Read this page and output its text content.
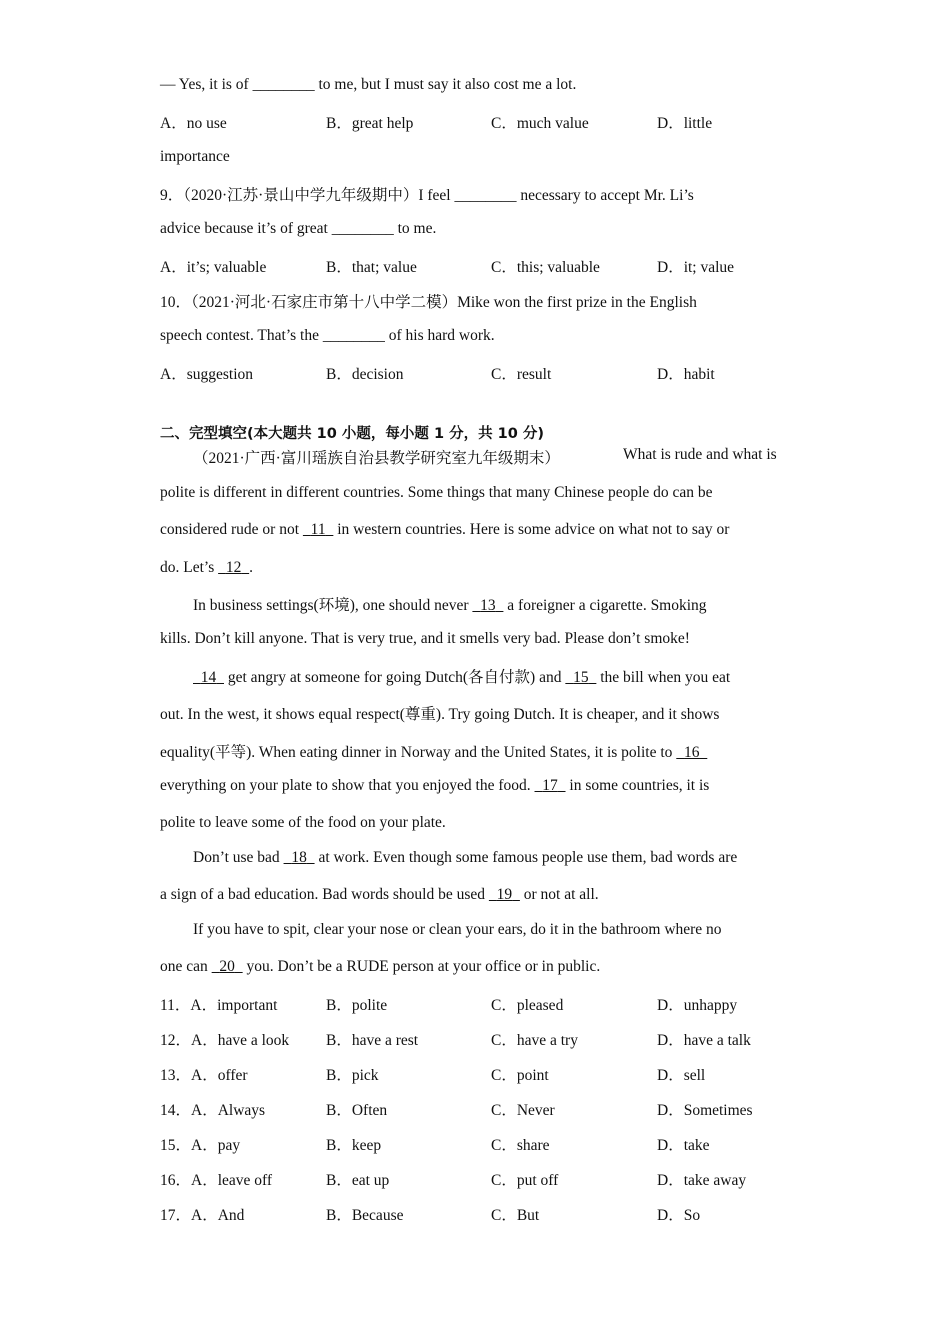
— Yes, it is of ________ to me, but I must say it also cost me a lot.
A．no use	B．great help	C．much value	D．little
importance
9．（2020·江苏·景山中学九年级期中）I feel ________ necessary to accept Mr. Li’s
advice because it’s of great ________ to me.
A．it’s; valuable	B．that; value	C．this; valuable	D．it; value
10．（2021·河北·石家庄市第十八中学二模）Mike won the first prize in the English
speech contest. That’s the ________ of his hard work.
A．suggestion	B．decision	C．result	D．habit
二、完型填空(本大题共 10 小题，每小题 1 分，共 10 分)
（2021·广西·富川瑶族自治县教学研究室九年级期末）	What is rude and what is
polite is different in different countries. Some things that many Chinese people do can be
considered rude or not   11   in western countries. Here is some advice on what not to say or
do. Let’s   12 .
In business settings(环境), one should never   13   a foreigner a cigarette. Smoking
kills. Don’t kill anyone. That is very true, and it smells very bad. Please don’t smoke!
14   get angry at someone for going Dutch(各自付款) and   15   the bill when you eat
out. In the west, it shows equal respect(尊重). Try going Dutch. It is cheaper, and it shows
equality(平等). When eating dinner in Norway and the United States, it is polite to   16
everything on your plate to show that you enjoyed the food.   17   in some countries, it is
polite to leave some of the food on your plate.
Don’t use bad   18   at work. Even though some famous people use them, bad words are
a sign of a bad education. Bad words should be used   19   or not at all.
If you have to spit, clear your nose or clean your ears, do it in the bathroom where no
one can   20   you. Don’t be a RUDE person at your office or in public.
11．A．important	B．polite	C．pleased	D．unhappy
12．A．have a look B．have a rest	C．have a try	D．have a talk
13．A．offer	B．pick	C．point	D．sell
14．A．Always	B．Often	C．Never	D．Sometimes
15．A．pay	B．keep	C．share	D．take
16．A．leave off	B．eat up	C．put off	D．take away
17．A．And	B．Because	C．But	D．So
